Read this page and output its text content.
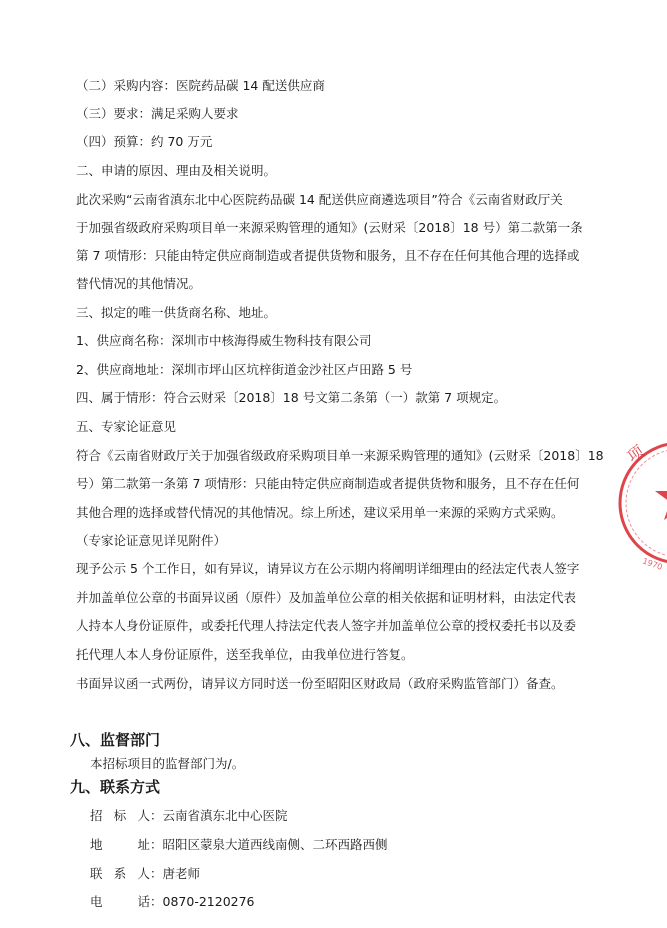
（二）采购内容：医院药品碳 14 配送供应商
（三）要求：满足采购人要求
（四）预算：约 70 万元
二、申请的原因、理由及相关说明。
此次采购“云南省滇东北中心医院药品碳 14 配送供应商遴选项目”符合《云南省财政厅关
于加强省级政府采购项目单一来源采购管理的通知》(云财采〔2018〕18 号）第二款第一条
第 7 项情形：只能由特定供应商制造或者提供货物和服务，且不存在任何其他合理的选择或
替代情况的其他情况。
三、拟定的唯一供货商名称、地址。
1、供应商名称：深圳市中核海得威生物科技有限公司
2、供应商地址：深圳市坪山区坑梓街道金沙社区卢田路 5 号
四、属于情形：符合云财采〔2018〕18 号文第二条第（一）款第 7 项规定。
五、专家论证意见
符合《云南省财政厅关于加强省级政府采购项目单一来源采购管理的通知》(云财采〔2018〕18
号）第二款第一条第 7 项情形：只能由特定供应商制造或者提供货物和服务，且不存在任何
其他合理的选择或替代情况的其他情况。综上所述，建议采用单一来源的采购方式采购。
（专家论证意见详见附件）
现予公示 5 个工作日，如有异议，请异议方在公示期内将阐明详细理由的经法定代表人签字
并加盖单位公章的书面异议函（原件）及加盖单位公章的相关依据和证明材料，由法定代表
人持本人身份证原件，或委托代理人持法定代表人签字并加盖单位公章的授权委托书以及委
托代理人本人身份证原件，送至我单位，由我单位进行答复。
书面异议函一式两份，请异议方同时送一份至昭阳区财政局（政府采购监管部门）备查。
八、监督部门
本招标项目的监督部门为/。
九、联系方式
招标人：云南省滇东北中心医院
地址：昭阳区蒙泉大道西线南侧、二环西路西侧
联系人：唐老师
电话：0870-2120276
项
1970
